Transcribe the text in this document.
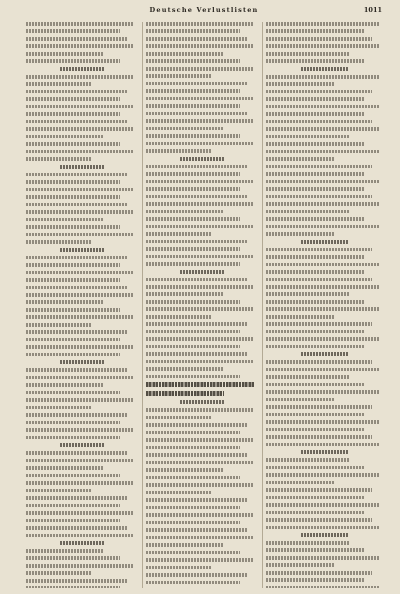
Deutsche Verlustlisten	1011
